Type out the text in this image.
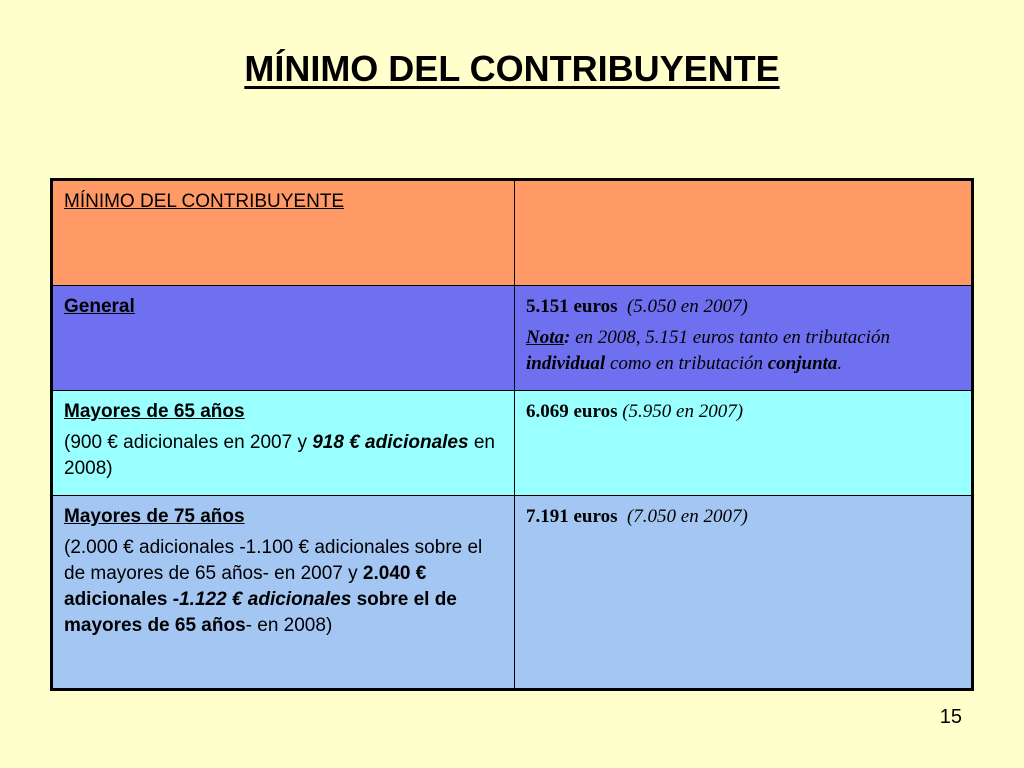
MÍNIMO DEL CONTRIBUYENTE
MÍNIMO DEL CONTRIBUYENTE	
General	5.151 euros (5.050 en 2007)

Nota: en 2008, 5.151 euros tanto en tributación individual como en tributación conjunta.

Mayores de 65 años

(900 € adicionales en 2007 y 918 € adicionales en 2008)	6.069 euros (5.950 en 2007)

Mayores de 75 años

(2.000 € adicionales -1.100 € adicionales sobre el de mayores de 65 años- en 2007 y 2.040 € adicionales -1.122 € adicionales sobre el de mayores de 65 años- en 2008)	7.191 euros (7.050 en 2007)

15
